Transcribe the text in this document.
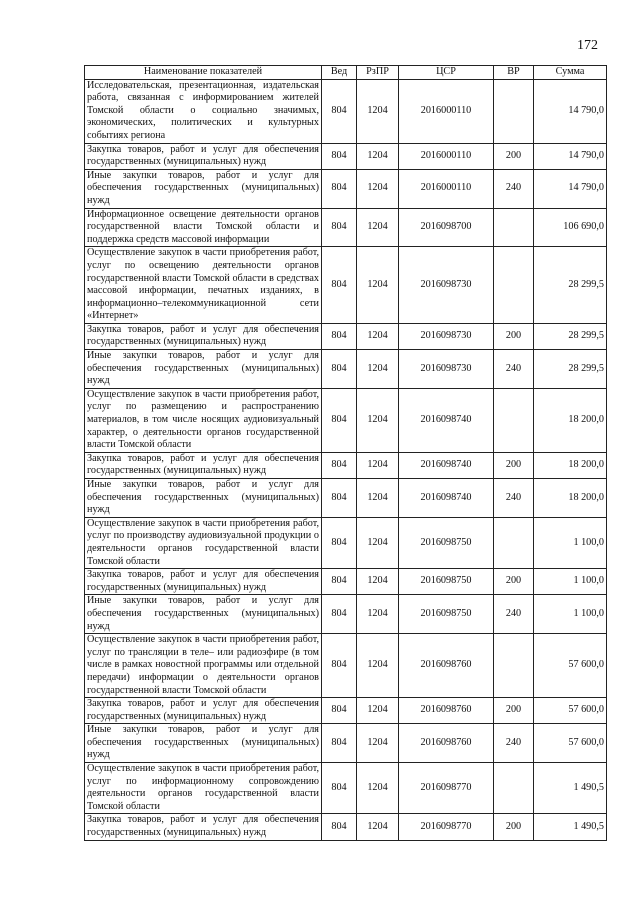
172
Наименование показателей	Вед	РзПР	ЦСР	ВР	Сумма
Исследовательская, презентационная, издательская работа, связанная с информированием жителей Томской области о социально значимых, экономических, политических и культурных событиях региона	804	1204	2016000110		14 790,0
Закупка товаров, работ и услуг для обеспечения государственных (муниципальных) нужд	804	1204	2016000110	200	14 790,0
Иные закупки товаров, работ и услуг для обеспечения государственных (муниципальных) нужд	804	1204	2016000110	240	14 790,0
Информационное освещение деятельности органов государственной власти Томской области и поддержка средств массовой информации	804	1204	2016098700		106 690,0
Осуществление закупок в части приобретения работ, услуг по освещению деятельности органов государственной власти Томской области в средствах массовой информации, печатных изданиях, в информационно–телекоммуникационной сети «Интернет»	804	1204	2016098730		28 299,5
Закупка товаров, работ и услуг для обеспечения государственных (муниципальных) нужд	804	1204	2016098730	200	28 299,5
Иные закупки товаров, работ и услуг для обеспечения государственных (муниципальных) нужд	804	1204	2016098730	240	28 299,5
Осуществление закупок в части приобретения работ, услуг по размещению и распространению материалов, в том числе носящих аудиовизуальный характер, о деятельности органов государственной власти Томской области	804	1204	2016098740		18 200,0
Закупка товаров, работ и услуг для обеспечения государственных (муниципальных) нужд	804	1204	2016098740	200	18 200,0
Иные закупки товаров, работ и услуг для обеспечения государственных (муниципальных) нужд	804	1204	2016098740	240	18 200,0
Осуществление закупок в части приобретения работ, услуг по производству аудиовизуальной продукции о деятельности органов государственной власти Томской области	804	1204	2016098750		1 100,0
Закупка товаров, работ и услуг для обеспечения государственных (муниципальных) нужд	804	1204	2016098750	200	1 100,0
Иные закупки товаров, работ и услуг для обеспечения государственных (муниципальных) нужд	804	1204	2016098750	240	1 100,0
Осуществление закупок в части приобретения работ, услуг по трансляции в теле– или радиоэфире (в том числе в рамках новостной программы или отдельной передачи) информации о деятельности органов государственной власти Томской области	804	1204	2016098760		57 600,0
Закупка товаров, работ и услуг для обеспечения государственных (муниципальных) нужд	804	1204	2016098760	200	57 600,0
Иные закупки товаров, работ и услуг для обеспечения государственных (муниципальных) нужд	804	1204	2016098760	240	57 600,0
Осуществление закупок в части приобретения работ, услуг по информационному сопровождению деятельности органов государственной власти Томской области	804	1204	2016098770		1 490,5
Закупка товаров, работ и услуг для обеспечения государственных (муниципальных) нужд	804	1204	2016098770	200	1 490,5
